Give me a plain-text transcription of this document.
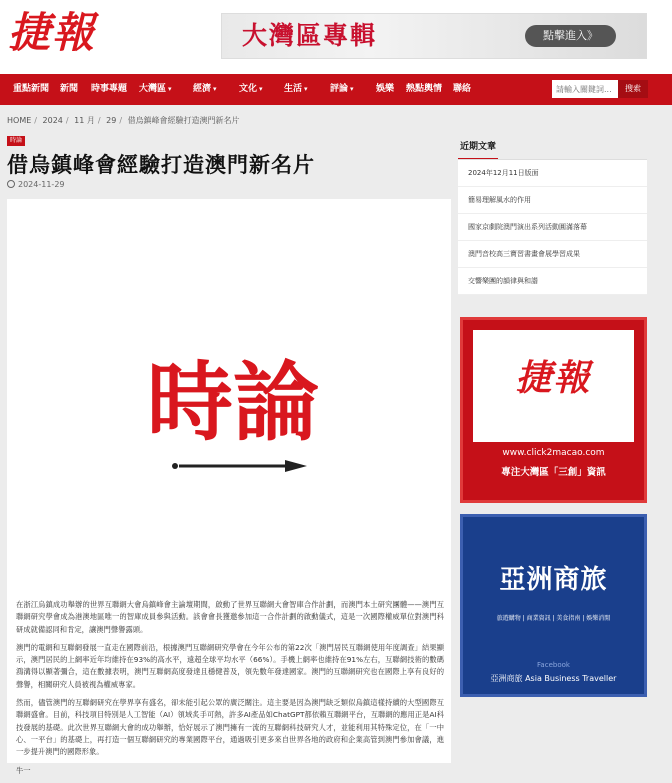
捷報	大灣區專輯	點擊進入》
重點新聞 新聞 時事專題 大灣區 ▾ 經濟 ▾ 文化 ▾ 生活 ▾ 評論 ▾ 娛樂 熱點輿情 聯絡
請輸入關鍵詞...	搜索
HOME / 2024 / 11 月 / 29 / 借烏鎮峰會經驗打造澳門新名片
時論
借烏鎮峰會經驗打造澳門新名片
2024-11-29
時論

在浙江烏鎮成功舉辦的世界互聯網大會烏鎮峰會主論壇期間，啟動了世界互聯網大會智庫合作計劃，而澳門本土研究團體——澳門互聯網研究學會成為港澳地區唯一的智庫成員參與活動。該會會長獲邀參加這一合作計劃的啟動儀式，這是一次國際權威單位對澳門科研成就備認同和肯定，讓澳門聲譽露頭。

澳門的電網和互聯網發展一直走在國際前沿，根據澳門互聯網研究學會在今年公布的第22次「澳門居民互聯網使用年度調查」結果顯示，澳門居民的上網率近年均維持在93%的高水平，遠超全球平均水平（66%）。手機上網率也維持在91%左右，互聯網技術的數碼鴻溝得以顯著彌合，這在數據表明，澳門互聯網高度發達且穩健普及，領先數年發達國家。澳門的互聯網研究也在國際上享有良好的聲譽，相關研究人員被視為權威專家。

然而，儘管澳門的互聯網研究在學界享有盛名，卻未能引起公眾的廣泛關注。這主要是因為澳門缺乏類似烏鎮這樣持續的大型國際互聯網盛會。目前，科技項目特別是人工智能（AI）領域炙手可熱，許多AI產品如ChatGPT都依賴互聯網平台，互聯網的應用正是AI科技發展的基礎。此次世界互聯網大會的成功舉辦，恰好展示了澳門擁有一流的互聯網科技研究人才，並能利用其特殊定位，在「一中心、一平台」的基礎上，再打造一個互聯網研究的專業國際平台，通過吸引更多來自世界各地的政府和企業高管到澳門參加會議，進一步提升澳門的國際形象。

牛一

近期文章
2024年12月11日版面
簡易理解風水的作用
國家京劇院澳門演出系列活動圓滿落幕
澳門音校高三寶習書畫會展學習成果
交響樂團的韻律與和諧
捷報
www.click2macao.com
專注大灣區「三創」資訊
亞洲商旅
旅遊購物 | 商業資訊 | 美食指南 | 娛樂消閒
Facebook
亞洲商旅 Asia Business Traveller
